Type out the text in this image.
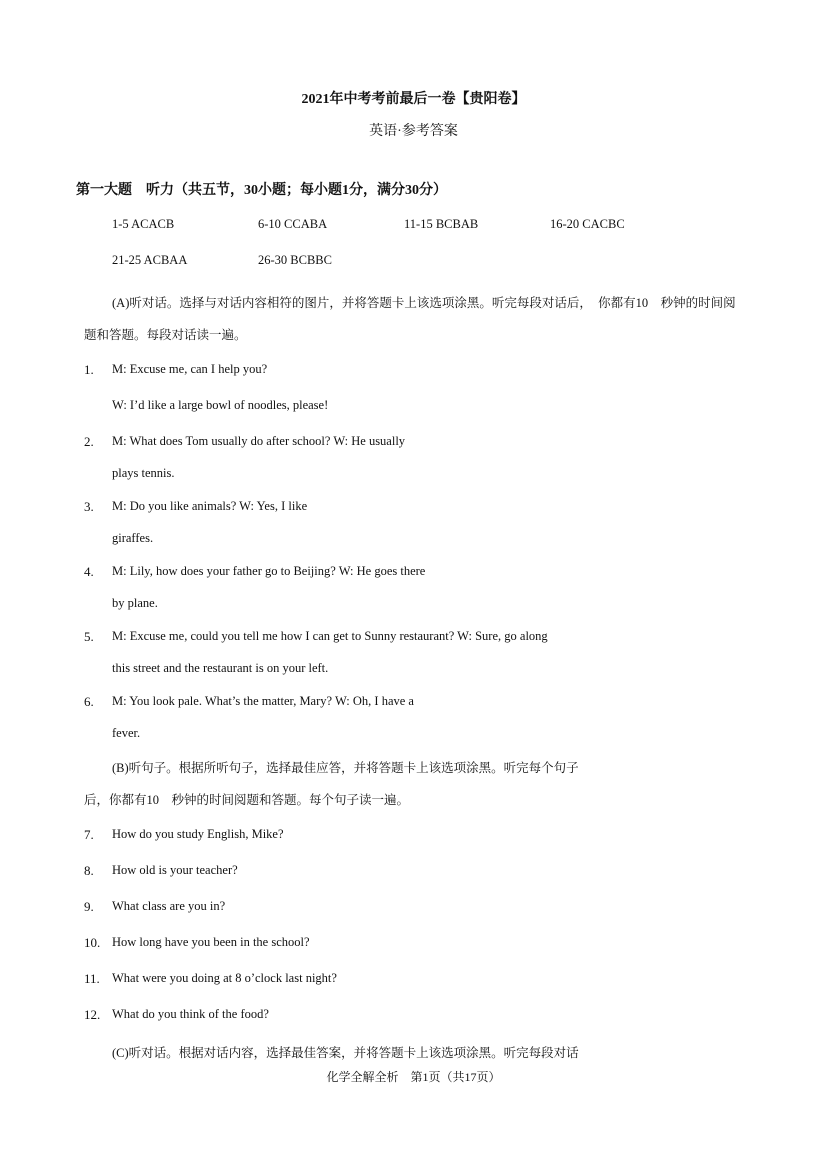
2021年中考考前最后一卷【贵阳卷】
英语·参考答案
第一大题　听力（共五节，30小题；每小题1分，满分30分）
1-5 ACACB	6-10 CCABA	11-15 BCBAB	16-20 CACBC
21-25 ACBAA	26-30 BCBBC
(A)听对话。选择与对话内容相符的图片，并将答题卡上该选项涂黑。听完每段对话后，　你都有10　秒钟的时间阅
题和答题。每段对话读一遍。
1. M: Excuse me, can I help you?
W: I’d like a large bowl of noodles, please!
2. M: What does Tom usually do after school? W: He usually
plays tennis.
3. M: Do you like animals? W: Yes, I like
giraffes.
4. M: Lily, how does your father go to Beijing? W: He goes there
by plane.
5. M: Excuse me, could you tell me how I can get to Sunny restaurant? W: Sure, go along
this street and the restaurant is on your left.
6. M: You look pale. What’s the matter, Mary? W: Oh, I have a
fever.
(B)听句子。根据所听句子，选择最佳应答，并将答题卡上该选项涂黑。听完每个句子
后，你都有10　秒钟的时间阅题和答题。每个句子读一遍。
7. How do you study English, Mike?
8. How old is your teacher?
9. What class are you in?
10. How long have you been in the school?
11. What were you doing at 8 o’clock last night?
12. What do you think of the food?
(C)听对话。根据对话内容，选择最佳答案，并将答题卡上该选项涂黑。听完每段对话
化学全解全析　第1页（共17页）
